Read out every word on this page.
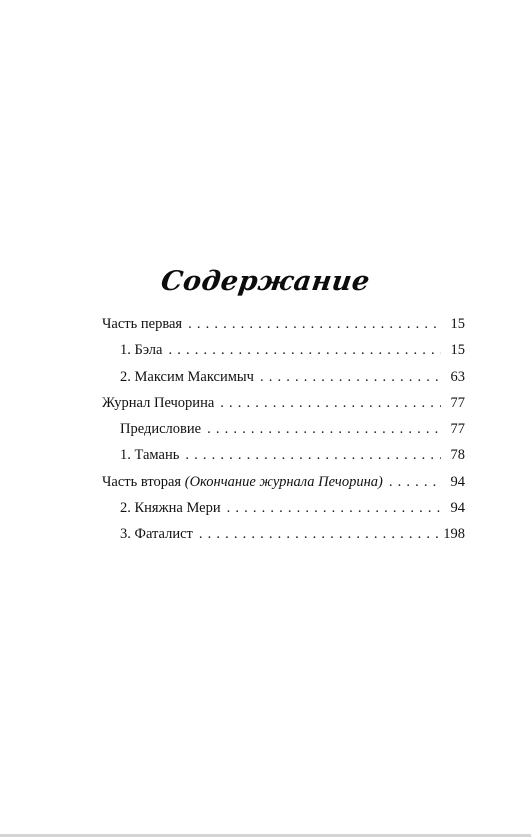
Содержание
Часть первая . . .	15
1. Бэла . . .	15
2. Максим Максимыч . . .	63
Журнал Печорина . . .	77
Предисловие . . .	77
1. Тамань . . .	78
Часть вторая (Окончание журнала Печорина) . . .	94
2. Княжна Мери . . .	94
3. Фаталист . . .	198
